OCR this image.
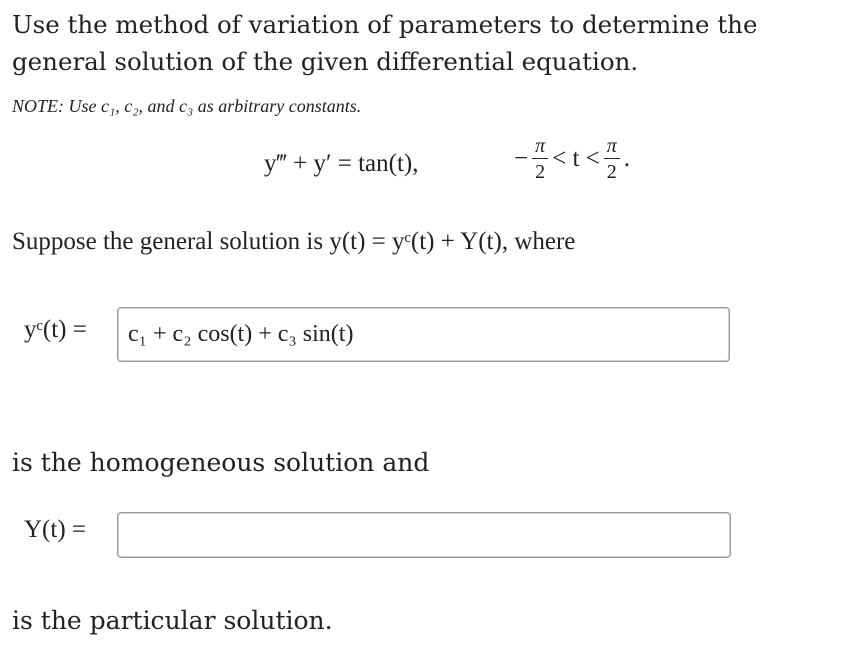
Use the method of variation of parameters to determine the general solution of the given differential equation.
NOTE: Use c₁, c₂, and c₃ as arbitrary constants.
y‴ + y′ = tan(t),	− $\frac{\pi}{2} < t < \frac{\pi}{2}$ .
Suppose the general solution is y(t) = yᶜ(t) + Y(t), where
yᶜ(t) = c₁ + c₂ cos(t) + c₃ sin(t)
is the homogeneous solution and
Y(t) =
is the particular solution.
